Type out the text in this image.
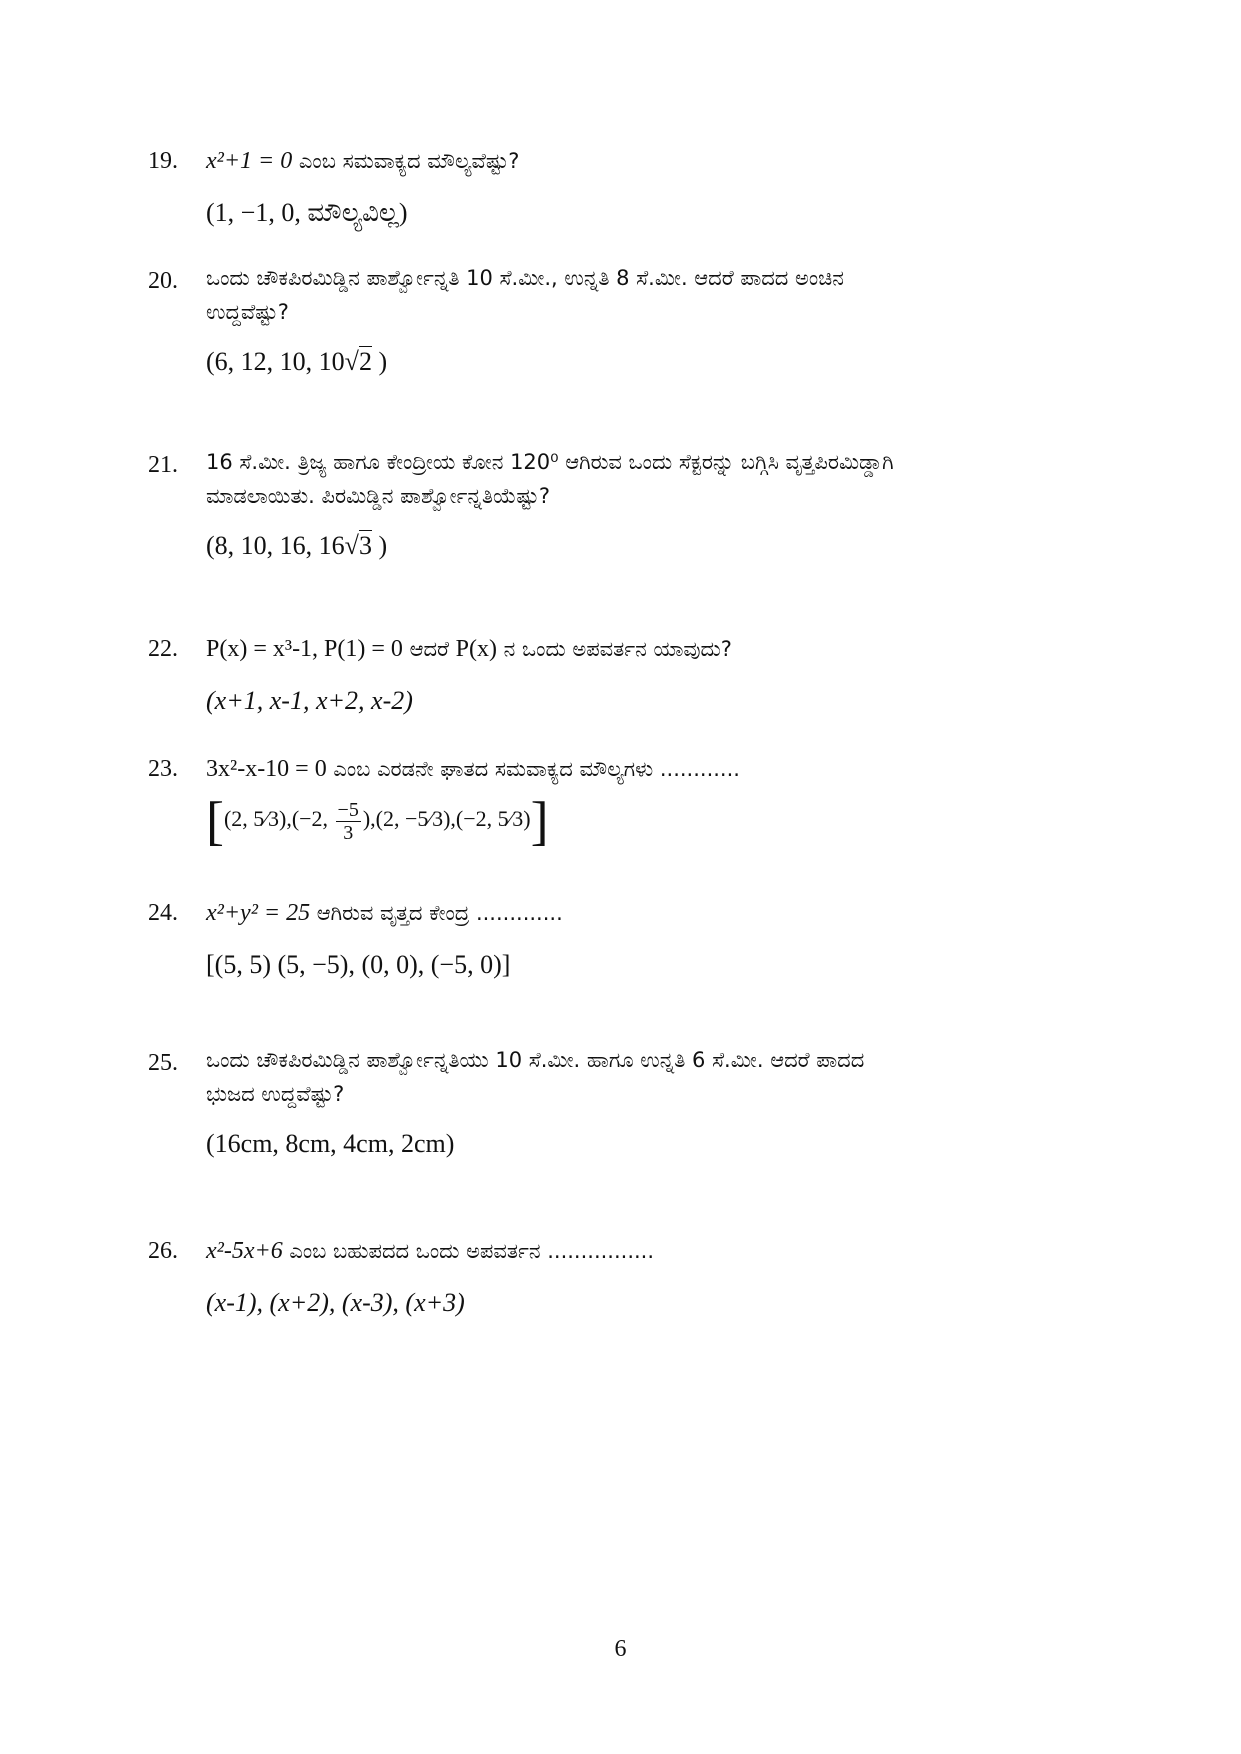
19.	x²+1 = 0 ಎಂಬ ಸಮವಾಕ್ಯದ ಮೌಲ್ಯವೆಷ್ಟು?
(1, −1, 0, ಮೌಲ್ಯವಿಲ್ಲ)
20.	ಒಂದು ಚೌಕಪಿರಮಿಡ್ಡಿನ ಪಾರ್ಶ್ವೋನ್ನತಿ 10 ಸೆ.ಮೀ., ಉನ್ನತಿ 8 ಸೆ.ಮೀ. ಆದರೆ ಪಾದದ ಅಂಚಿನ
ಉದ್ದವೆಷ್ಟು?
(6, 12, 10, 10√2 )
21.	16 ಸೆ.ಮೀ. ತ್ರಿಜ್ಯ ಹಾಗೂ ಕೇಂದ್ರೀಯ ಕೋನ 120⁰ ಆಗಿರುವ ಒಂದು ಸೆಕ್ಟರನ್ನು ಬಗ್ಗಿಸಿ ವೃತ್ತಪಿರಮಿಡ್ಡಾಗಿ
ಮಾಡಲಾಯಿತು. ಪಿರಮಿಡ್ಡಿನ ಪಾರ್ಶ್ವೋನ್ನತಿಯೆಷ್ಟು?
(8, 10, 16, 16√3 )
22.	P(x) = x³-1, P(1) = 0 ಆದರೆ P(x) ನ ಒಂದು ಅಪವರ್ತನ ಯಾವುದು?
(x+1, x-1, x+2, x-2)
23.	3x²-x-10 = 0 ಎಂಬ ಎರಡನೇ ಘಾತದ ಸಮವಾಕ್ಯದ ಮೌಲ್ಯಗಳು ............
[(2, 5⁄3),(−2, $\frac{-5}{3} ),(2$, −5⁄3),(−2, 5⁄3)]
24.	x²+y² = 25 ಆಗಿರುವ ವೃತ್ತದ ಕೇಂದ್ರ .............
[(5, 5) (5, −5), (0, 0), (−5, 0)]
25.	ಒಂದು ಚೌಕಪಿರಮಿಡ್ಡಿನ ಪಾರ್ಶ್ವೋನ್ನತಿಯು 10 ಸೆ.ಮೀ. ಹಾಗೂ ಉನ್ನತಿ 6 ಸೆ.ಮೀ. ಆದರೆ ಪಾದದ
ಭುಜದ ಉದ್ದವೆಷ್ಟು?
(16cm, 8cm, 4cm, 2cm)
26.	x²-5x+6 ಎಂಬ ಬಹುಪದದ ಒಂದು ಅಪವರ್ತನ ................
(x-1), (x+2), (x-3), (x+3)
6
